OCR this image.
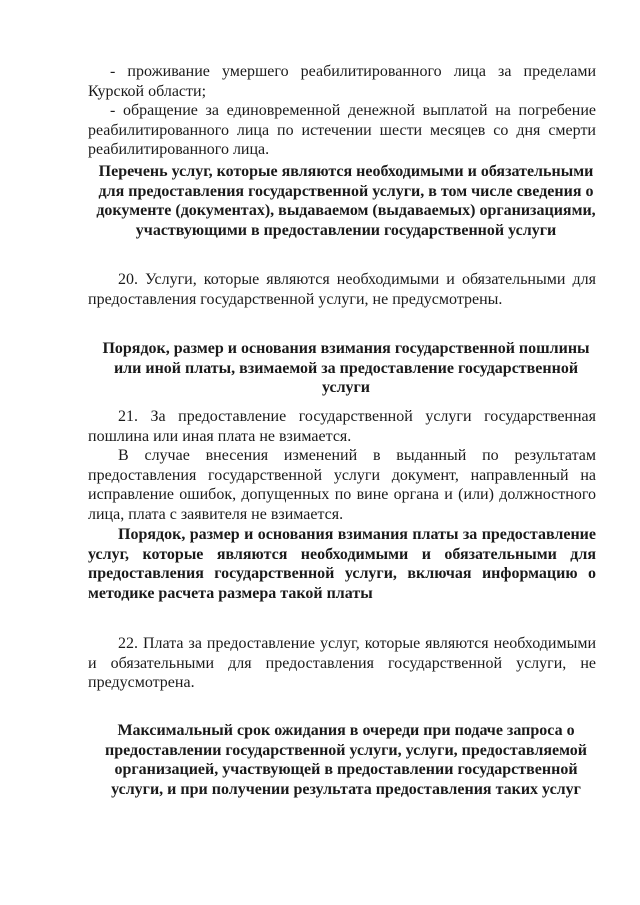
- проживание умершего реабилитированного лица за пределами

Курской области;

- обращение за единовременной денежной выплатой на погребение

реабилитированного лица по истечении шести месяцев со дня смерти

реабилитированного лица.

Перечень услуг, которые являются необходимыми и обязательными для предоставления государственной услуги, в том числе сведения о документе (документах), выдаваемом (выдаваемых) организациями, участвующими в предоставлении государственной услуги

20. Услуги, которые являются необходимыми и обязательными для

предоставления государственной услуги, не предусмотрены.

Порядок, размер и основания взимания государственной пошлины или иной платы, взимаемой за предоставление государственной услуги

21. За предоставление государственной услуги государственная пошлина или иная плата не взимается.

В случае внесения изменений в выданный по результатам предоставления государственной услуги документ, направленный на исправление ошибок, допущенных по вине органа и (или) должностного лица, плата с заявителя не взимается.

Порядок, размер и основания взимания платы за предоставление услуг, которые являются необходимыми и обязательными для предоставления государственной услуги, включая информацию о методике расчета размера такой платы

22. Плата за предоставление услуг, которые являются необходимыми и обязательными для предоставления государственной услуги, не предусмотрена.

Максимальный срок ожидания в очереди при подаче запроса о предоставлении государственной услуги, услуги, предоставляемой организацией, участвующей в предоставлении государственной услуги, и при получении результата предоставления таких услуг
